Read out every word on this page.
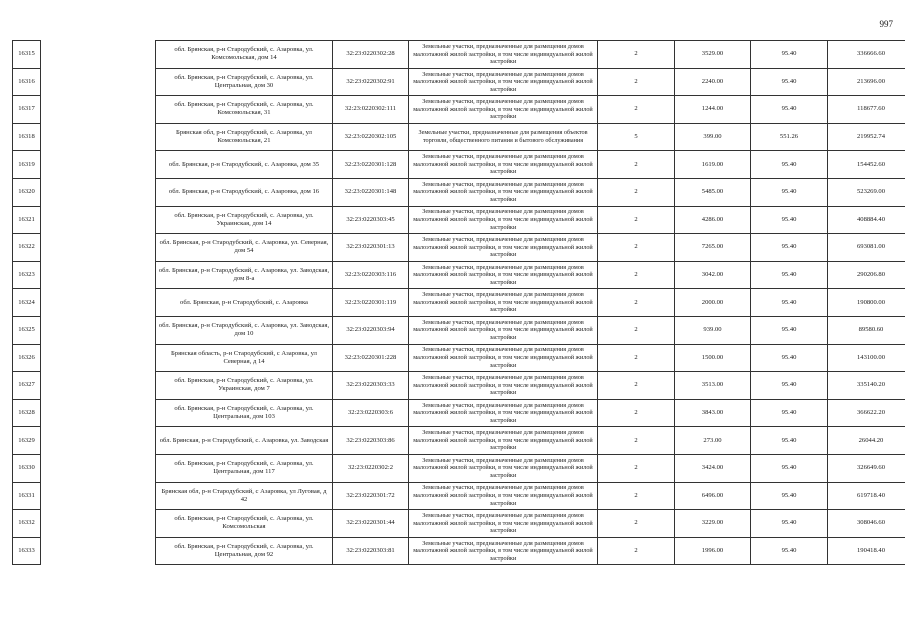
997
16315		обл. Брянская, р-н Стародубский, с. Азаровка, ул. Комсомольская, дом 14	32:23:0220302:28	Земельные участки, предназначенные для размещения домов малоэтажной жилой застройки, в том числе индивидуальной жилой застройки	2	3529.00	95.40	336666.60
16316		обл. Брянская, р-н Стародубский, с. Азаровка, ул. Центральная, дом 30	32:23:0220302:91	Земельные участки, предназначенные для размещения домов малоэтажной жилой застройки, в том числе индивидуальной жилой застройки	2	2240.00	95.40	213696.00
16317		обл. Брянская, р-н Стародубский, с. Азаровка, ул. Комсомольская, 31	32:23:0220302:111	Земельные участки, предназначенные для размещения домов малоэтажной жилой застройки, в том числе индивидуальной жилой застройки	2	1244.00	95.40	118677.60
16318		Брянская обл, р-н Стародубский, с. Азаровка, ул Комсомольская, 21	32:23:0220302:105	Земельные участки, предназначенные для размещения объектов торговли, общественного питания и бытового обслуживания	5	399.00	551.26	219952.74
16319		обл. Брянская, р-н Стародубский, с. Азаровка, дом 35	32:23:0220301:128	Земельные участки, предназначенные для размещения домов малоэтажной жилой застройки, в том числе индивидуальной жилой застройки	2	1619.00	95.40	154452.60
16320		обл. Брянская, р-н Стародубский, с. Азаровка, дом 16	32:23:0220301:148	Земельные участки, предназначенные для размещения домов малоэтажной жилой застройки, в том числе индивидуальной жилой застройки	2	5485.00	95.40	523269.00
16321		обл. Брянская, р-н Стародубский, с. Азаровка, ул. Украинская, дом 14	32:23:0220303:45	Земельные участки, предназначенные для размещения домов малоэтажной жилой застройки, в том числе индивидуальной жилой застройки	2	4286.00	95.40	408884.40
16322		обл. Брянская, р-н Стародубский, с. Азаровка, ул. Северная, дом 54	32:23:0220301:13	Земельные участки, предназначенные для размещения домов малоэтажной жилой застройки, в том числе индивидуальной жилой застройки	2	7265.00	95.40	693081.00
16323		обл. Брянская, р-н Стародубский, с. Азаровка, ул. Заводская, дом 8-а	32:23:0220303:116	Земельные участки, предназначенные для размещения домов малоэтажной жилой застройки, в том числе индивидуальной жилой застройки	2	3042.00	95.40	290206.80
16324		обл. Брянская, р-н Стародубский, с. Азаровка	32:23:0220301:119	Земельные участки, предназначенные для размещения домов малоэтажной жилой застройки, в том числе индивидуальной жилой застройки	2	2000.00	95.40	190800.00
16325		обл. Брянская, р-н Стародубский, с. Азаровка, ул. Заводская, дом 10	32:23:0220303:94	Земельные участки, предназначенные для размещения домов малоэтажной жилой застройки, в том числе индивидуальной жилой застройки	2	939.00	95.40	89580.60
16326		Брянская область, р-н Стародубский, с Азаровка, ул Северная, д 14	32:23:0220301:228	Земельные участки, предназначенные для размещения домов малоэтажной жилой застройки, в том числе индивидуальной жилой застройки	2	1500.00	95.40	143100.00
16327		обл. Брянская, р-н Стародубский, с. Азаровка, ул. Украинская, дом 7	32:23:0220303:33	Земельные участки, предназначенные для размещения домов малоэтажной жилой застройки, в том числе индивидуальной жилой застройки	2	3513.00	95.40	335140.20
16328		обл. Брянская, р-н Стародубский, с. Азаровка, ул. Центральная, дом 103	32:23:0220303:6	Земельные участки, предназначенные для размещения домов малоэтажной жилой застройки, в том числе индивидуальной жилой застройки	2	3843.00	95.40	366622.20
16329		обл. Брянская, р-н Стародубский, с. Азаровка, ул. Заводская	32:23:0220303:86	Земельные участки, предназначенные для размещения домов малоэтажной жилой застройки, в том числе индивидуальной жилой застройки	2	273.00	95.40	26044.20
16330		обл. Брянская, р-н Стародубский, с. Азаровка, ул. Центральная, дом 117	32:23:0220302:2	Земельные участки, предназначенные для размещения домов малоэтажной жилой застройки, в том числе индивидуальной жилой застройки	2	3424.00	95.40	326649.60
16331		Брянская обл, р-н Стародубский, с Азаровка, ул Луговая, д 42	32:23:0220301:72	Земельные участки, предназначенные для размещения домов малоэтажной жилой застройки, в том числе индивидуальной жилой застройки	2	6496.00	95.40	619718.40
16332		обл. Брянская, р-н Стародубский, с. Азаровка, ул. Комсомольская	32:23:0220301:44	Земельные участки, предназначенные для размещения домов малоэтажной жилой застройки, в том числе индивидуальной жилой застройки	2	3229.00	95.40	308046.60
16333		обл. Брянская, р-н Стародубский, с. Азаровка, ул. Центральная, дом 92	32:23:0220303:81	Земельные участки, предназначенные для размещения домов малоэтажной жилой застройки, в том числе индивидуальной жилой застройки	2	1996.00	95.40	190418.40
